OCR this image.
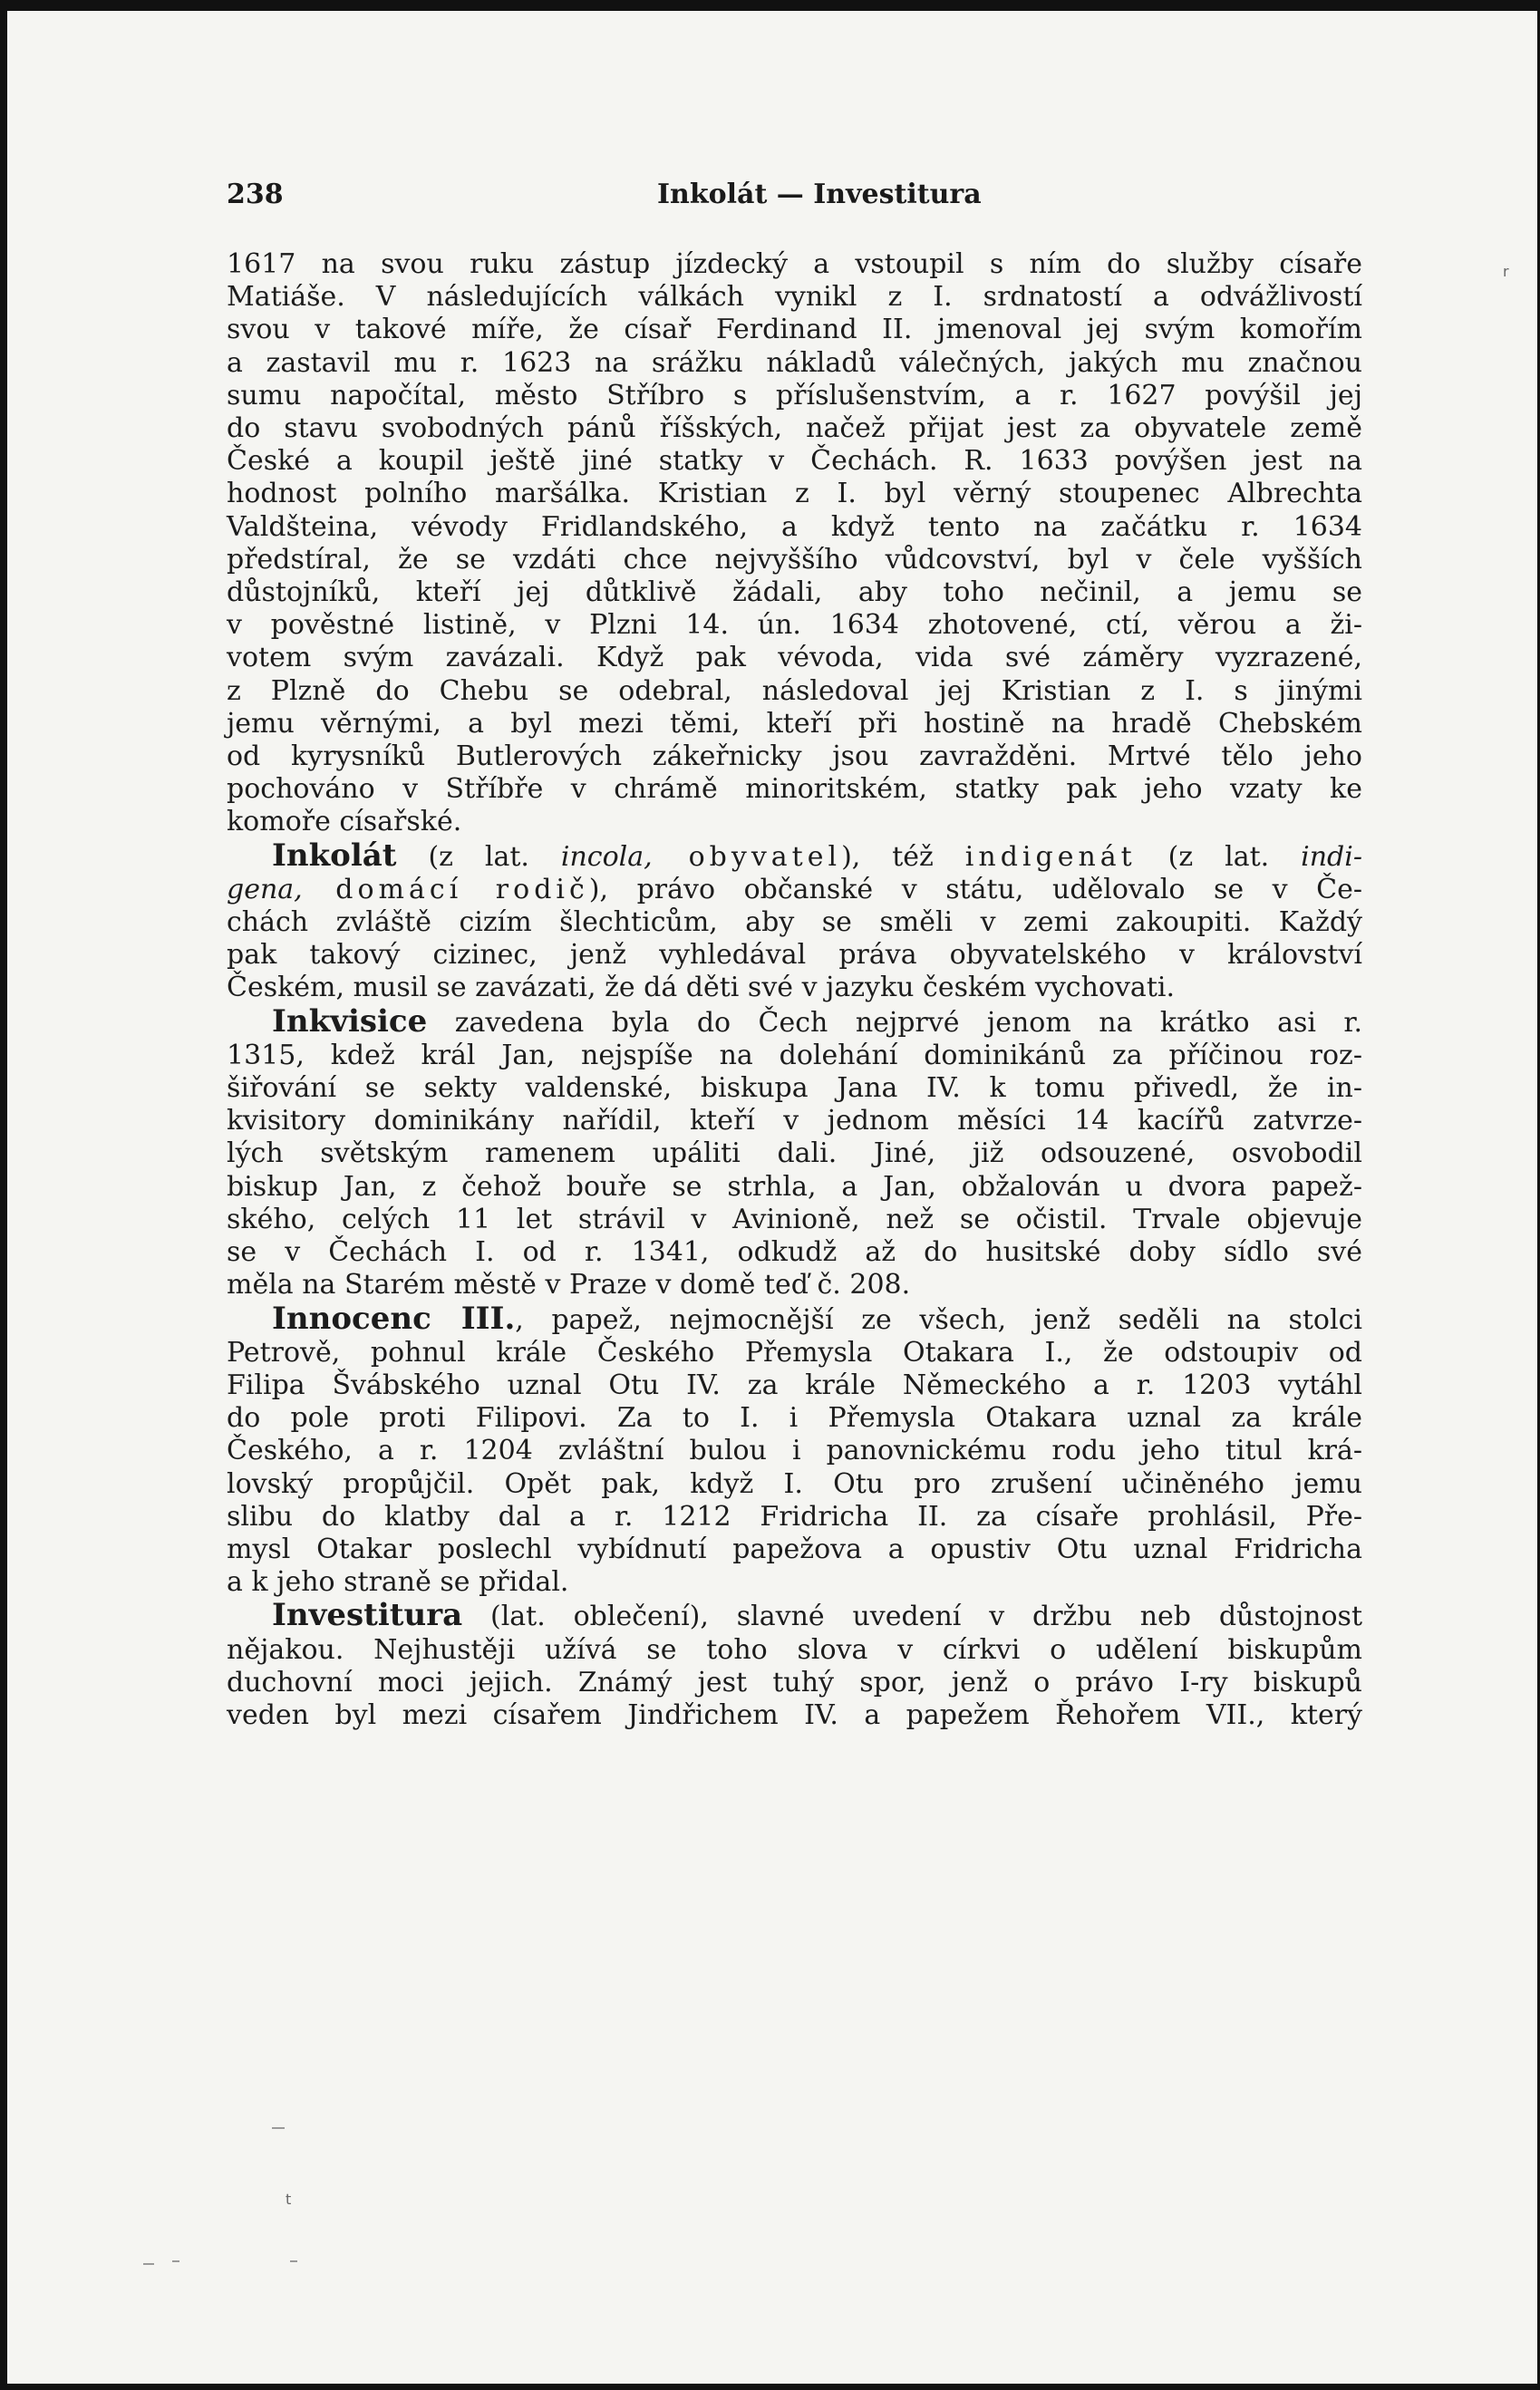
238	Inkolát — Investitura

1617 na svou ruku zástup jízdecký a vstoupil s ním do služby císaře

Matiáše. V následujících válkách vynikl z I. srdnatostí a odvážlivostí

svou v takové míře, že císař Ferdinand II. jmenoval jej svým komořím

a zastavil mu r. 1623 na srážku nákladů válečných, jakých mu značnou

sumu napočítal, město Stříbro s příslušenstvím, a r. 1627 povýšil jej

do stavu svobodných pánů říšských, načež přijat jest za obyvatele země

České a koupil ještě jiné statky v Čechách. R. 1633 povýšen jest na

hodnost polního maršálka. Kristian z I. byl věrný stoupenec Albrechta

Valdšteina, vévody Fridlandského, a když tento na začátku r. 1634

předstíral, že se vzdáti chce nejvyššího vůdcovství, byl v čele vyšších

důstojníků, kteří jej důtklivě žádali, aby toho nečinil, a jemu se

v pověstné listině, v Plzni 14. ún. 1634 zhotovené, ctí, věrou a ži-

votem svým zavázali. Když pak vévoda, vida své záměry vyzrazené,

z Plzně do Chebu se odebral, následoval jej Kristian z I. s jinými

jemu věrnými, a byl mezi těmi, kteří při hostině na hradě Chebském

od kyrysníků Butlerových zákeřnicky jsou zavražděni. Mrtvé tělo jeho

pochováno v Stříbře v chrámě minoritském, statky pak jeho vzaty ke

komoře císařské.

Inkolát (z lat. incola, obyvatel), též indigenát (z lat. indi-

gena, domácí rodič), právo občanské v státu, udělovalo se v Če-

chách zvláště cizím šlechticům, aby se směli v zemi zakoupiti. Každý

pak takový cizinec, jenž vyhledával práva obyvatelského v království

Českém, musil se zavázati, že dá děti své v jazyku českém vychovati.

Inkvisice zavedena byla do Čech nejprvé jenom na krátko asi r.

1315, kdež král Jan, nejspíše na dolehání dominikánů za příčinou roz-

šiřování se sekty valdenské, biskupa Jana IV. k tomu přivedl, že in-

kvisitory dominikány nařídil, kteří v jednom měsíci 14 kacířů zatvrze-

lých světským ramenem upáliti dali. Jiné, již odsouzené, osvobodil

biskup Jan, z čehož bouře se strhla, a Jan, obžalován u dvora papež-

ského, celých 11 let strávil v Avinioně, než se očistil. Trvale objevuje

se v Čechách I. od r. 1341, odkudž až do husitské doby sídlo své

měla na Starém městě v Praze v domě teď č. 208.

Innocenc III., papež, nejmocnější ze všech, jenž seděli na stolci

Petrově, pohnul krále Českého Přemysla Otakara I., že odstoupiv od

Filipa Švábského uznal Otu IV. za krále Německého a r. 1203 vytáhl

do pole proti Filipovi. Za to I. i Přemysla Otakara uznal za krále

Českého, a r. 1204 zvláštní bulou i panovnickému rodu jeho titul krá-

lovský propůjčil. Opět pak, když I. Otu pro zrušení učiněného jemu

slibu do klatby dal a r. 1212 Fridricha II. za císaře prohlásil, Pře-

mysl Otakar poslechl vybídnutí papežova a opustiv Otu uznal Fridricha

a k jeho straně se přidal.

Investitura (lat. oblečení), slavné uvedení v držbu neb důstojnost

nějakou. Nejhustěji užívá se toho slova v církvi o udělení biskupům

duchovní moci jejich. Známý jest tuhý spor, jenž o právo I-ry biskupů

veden byl mezi císařem Jindřichem IV. a papežem Řehořem VII., který

r
t
